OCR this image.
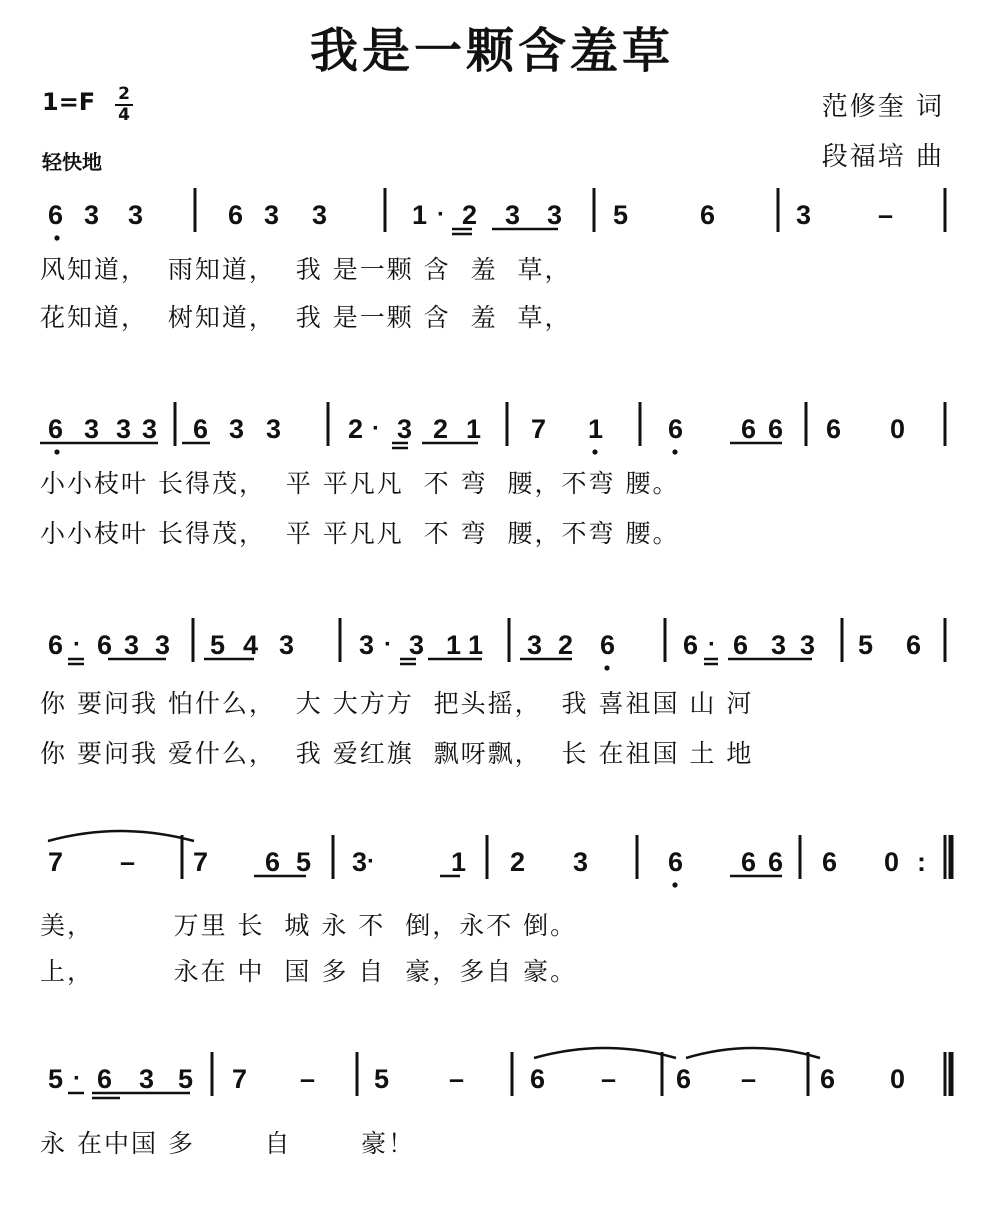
我是一颗含羞草
1=F 2
4
轻快地
范修奎 词
段福培 曲
风知道，  雨知道，  我 是一颗 含  羞  草，
花知道，  树知道，  我 是一颗 含  羞  草，
小小枝叶 长得茂，  平 平凡凡  不 弯  腰，不弯 腰。
小小枝叶 长得茂，  平 平凡凡  不 弯  腰，不弯 腰。
你 要问我 怕什么，  大 大方方  把头摇，  我 喜祖国 山 河
你 要问我 爱什么，  我 爱红旗  飘呀飘，  长 在祖国 土 地
美，        万里 长  城 永 不  倒，永不 倒。
上，        永在 中  国 多 自  豪，多自 豪。
永 在中国 多       自       豪！
6 3 3	6 3 3	1 · 2 3 3 5	6	3 –
6 3 3 3 6 3 3 2 · 3 2 1 7 1 6 6 6 6 0
6 · 6 3 3 5 4 3 3 · 3 1 1 3 2 6	6 · 6 3 3 5 6
7 – 7 6 5 3 ·	1 2 3	6 6 6 6 0 :
5 · 6 3 5 7 – 5 – 6 – 6 – 6 0
